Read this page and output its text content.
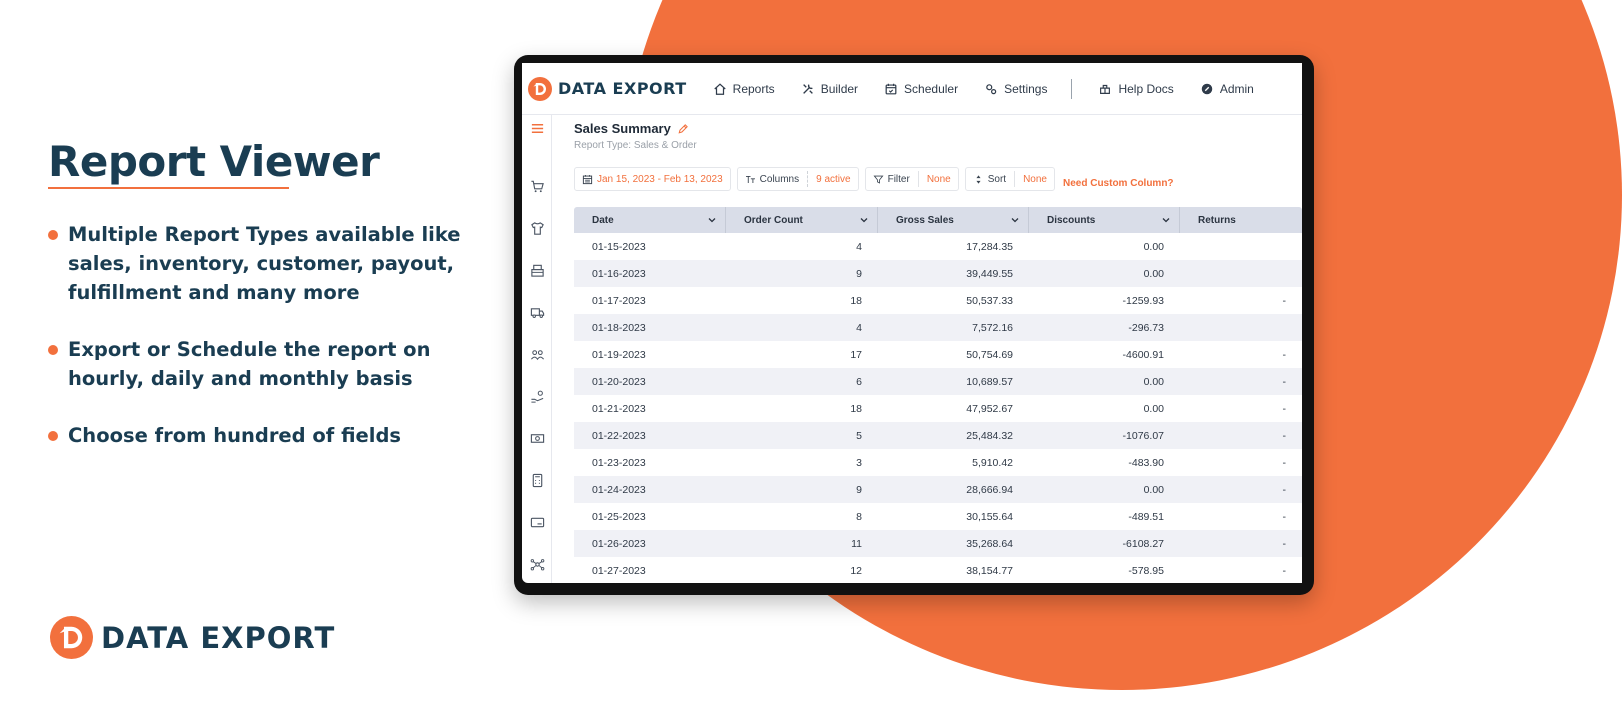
Report Viewer
Multiple Report Types available like sales, inventory, customer, payout, fulfillment and many more
Export or Schedule the report on hourly, daily and monthly basis
Choose from hundred of fields
DATA EXPORT
DATA EXPORT	Reports	Builder	Scheduler	Settings	Help Docs	Admin
Sales Summary
Report Type: Sales & Order
Jan 15, 2023 - Feb 13, 2023	Columns 9 active	Filter None	Sort None Need Custom Column?
Date	Order Count	Gross Sales	Discounts	Returns
01-15-2023	4	17,284.35	0.00
01-16-2023	9	39,449.55	0.00
01-17-2023	18	50,537.33	-1259.93	-
01-18-2023	4	7,572.16	-296.73
01-19-2023	17	50,754.69	-4600.91	-
01-20-2023	6	10,689.57	0.00	-
01-21-2023	18	47,952.67	0.00	-
01-22-2023	5	25,484.32	-1076.07	-
01-23-2023	3	5,910.42	-483.90	-
01-24-2023	9	28,666.94	0.00	-
01-25-2023	8	30,155.64	-489.51	-
01-26-2023	11	35,268.64	-6108.27	-
01-27-2023	12	38,154.77	-578.95	-
